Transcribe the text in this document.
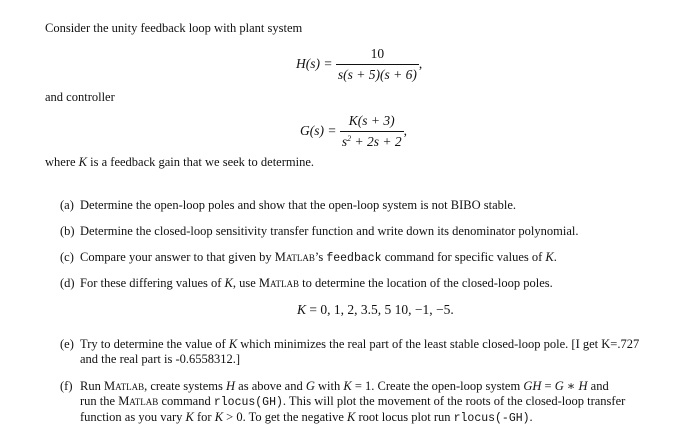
Consider the unity feedback loop with plant system
$H(s) = \frac{10}{s(s + 5)(s + 6)}$ ,
and controller
$G(s) = \frac{K(s + 3)}{s^2 + 2s + 2}$ ,
where K is a feedback gain that we seek to determine.
(a) Determine the open-loop poles and show that the open-loop system is not BIBO stable.
(b) Determine the closed-loop sensitivity transfer function and write down its denominator polynomial.
(c) Compare your answer to that given by Matlab’s feedback command for specific values of K.
(d) For these differing values of K, use Matlab to determine the location of the closed-loop poles.
K = 0, 1, 2, 3.5, 5 10, −1, −5.
(e) Try to determine the value of K which minimizes the real part of the least stable closed-loop pole. [I get K=.727
and the real part is -0.6558312.]
(f) Run Matlab, create systems H as above and G with K = 1. Create the open-loop system GH = G ∗ H and
run the Matlab command rlocus(GH). This will plot the movement of the roots of the closed-loop transfer
function as you vary K for K > 0. To get the negative K root locus plot run rlocus(-GH).
